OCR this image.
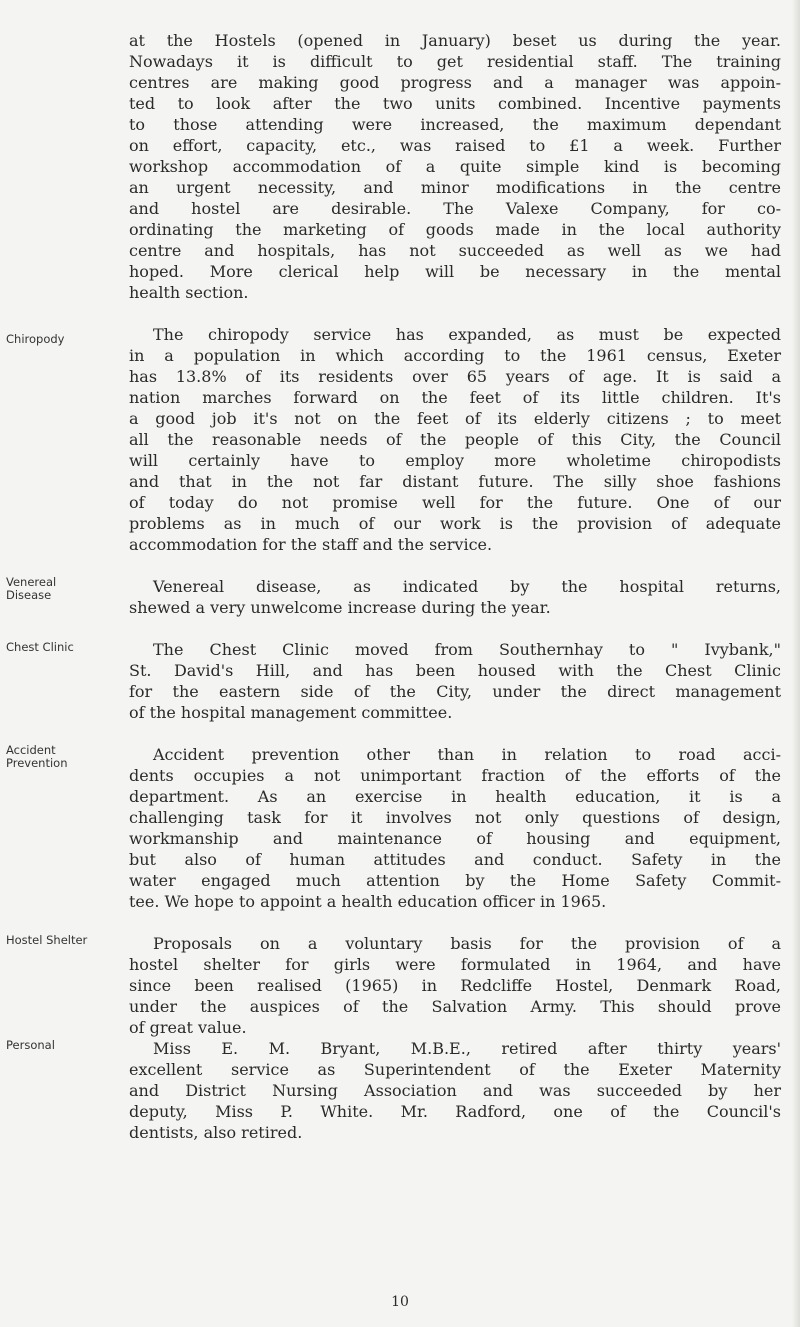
at the Hostels (opened in January) beset us during the year.
Nowadays it is difficult to get residential staff. The training
centres are making good progress and a manager was appoin-
ted to look after the two units combined. Incentive payments
to those attending were increased, the maximum dependant
on effort, capacity, etc., was raised to £1 a week. Further
workshop accommodation of a quite simple kind is becoming
an urgent necessity, and minor modifications in the centre
and hostel are desirable. The Valexe Company, for co-
ordinating the marketing of goods made in the local authority
centre and hospitals, has not succeeded as well as we had
hoped. More clerical help will be necessary in the mental
health section.
The chiropody service has expanded, as must be expected
in a population in which according to the 1961 census, Exeter
has 13.8% of its residents over 65 years of age. It is said a
nation marches forward on the feet of its little children. It's
a good job it's not on the feet of its elderly citizens ; to meet
all the reasonable needs of the people of this City, the Council
will certainly have to employ more wholetime chiropodists
and that in the not far distant future. The silly shoe fashions
of today do not promise well for the future. One of our
problems as in much of our work is the provision of adequate
accommodation for the staff and the service.
Venereal disease, as indicated by the hospital returns,
shewed a very unwelcome increase during the year.
The Chest Clinic moved from Southernhay to " Ivybank,"
St. David's Hill, and has been housed with the Chest Clinic
for the eastern side of the City, under the direct management
of the hospital management committee.
Accident prevention other than in relation to road acci-
dents occupies a not unimportant fraction of the efforts of the
department. As an exercise in health education, it is a
challenging task for it involves not only questions of design,
workmanship and maintenance of housing and equipment,
but also of human attitudes and conduct. Safety in the
water engaged much attention by the Home Safety Commit-
tee. We hope to appoint a health education officer in 1965.
Proposals on a voluntary basis for the provision of a
hostel shelter for girls were formulated in 1964, and have
since been realised (1965) in Redcliffe Hostel, Denmark Road,
under the auspices of the Salvation Army. This should prove
of great value.
Miss E. M. Bryant, M.B.E., retired after thirty years'
excellent service as Superintendent of the Exeter Maternity
and District Nursing Association and was succeeded by her
deputy, Miss P. White. Mr. Radford, one of the Council's
dentists, also retired.
Chiropody
Venereal Disease
Chest Clinic
Accident Prevention
Hostel Shelter
Personal
10
